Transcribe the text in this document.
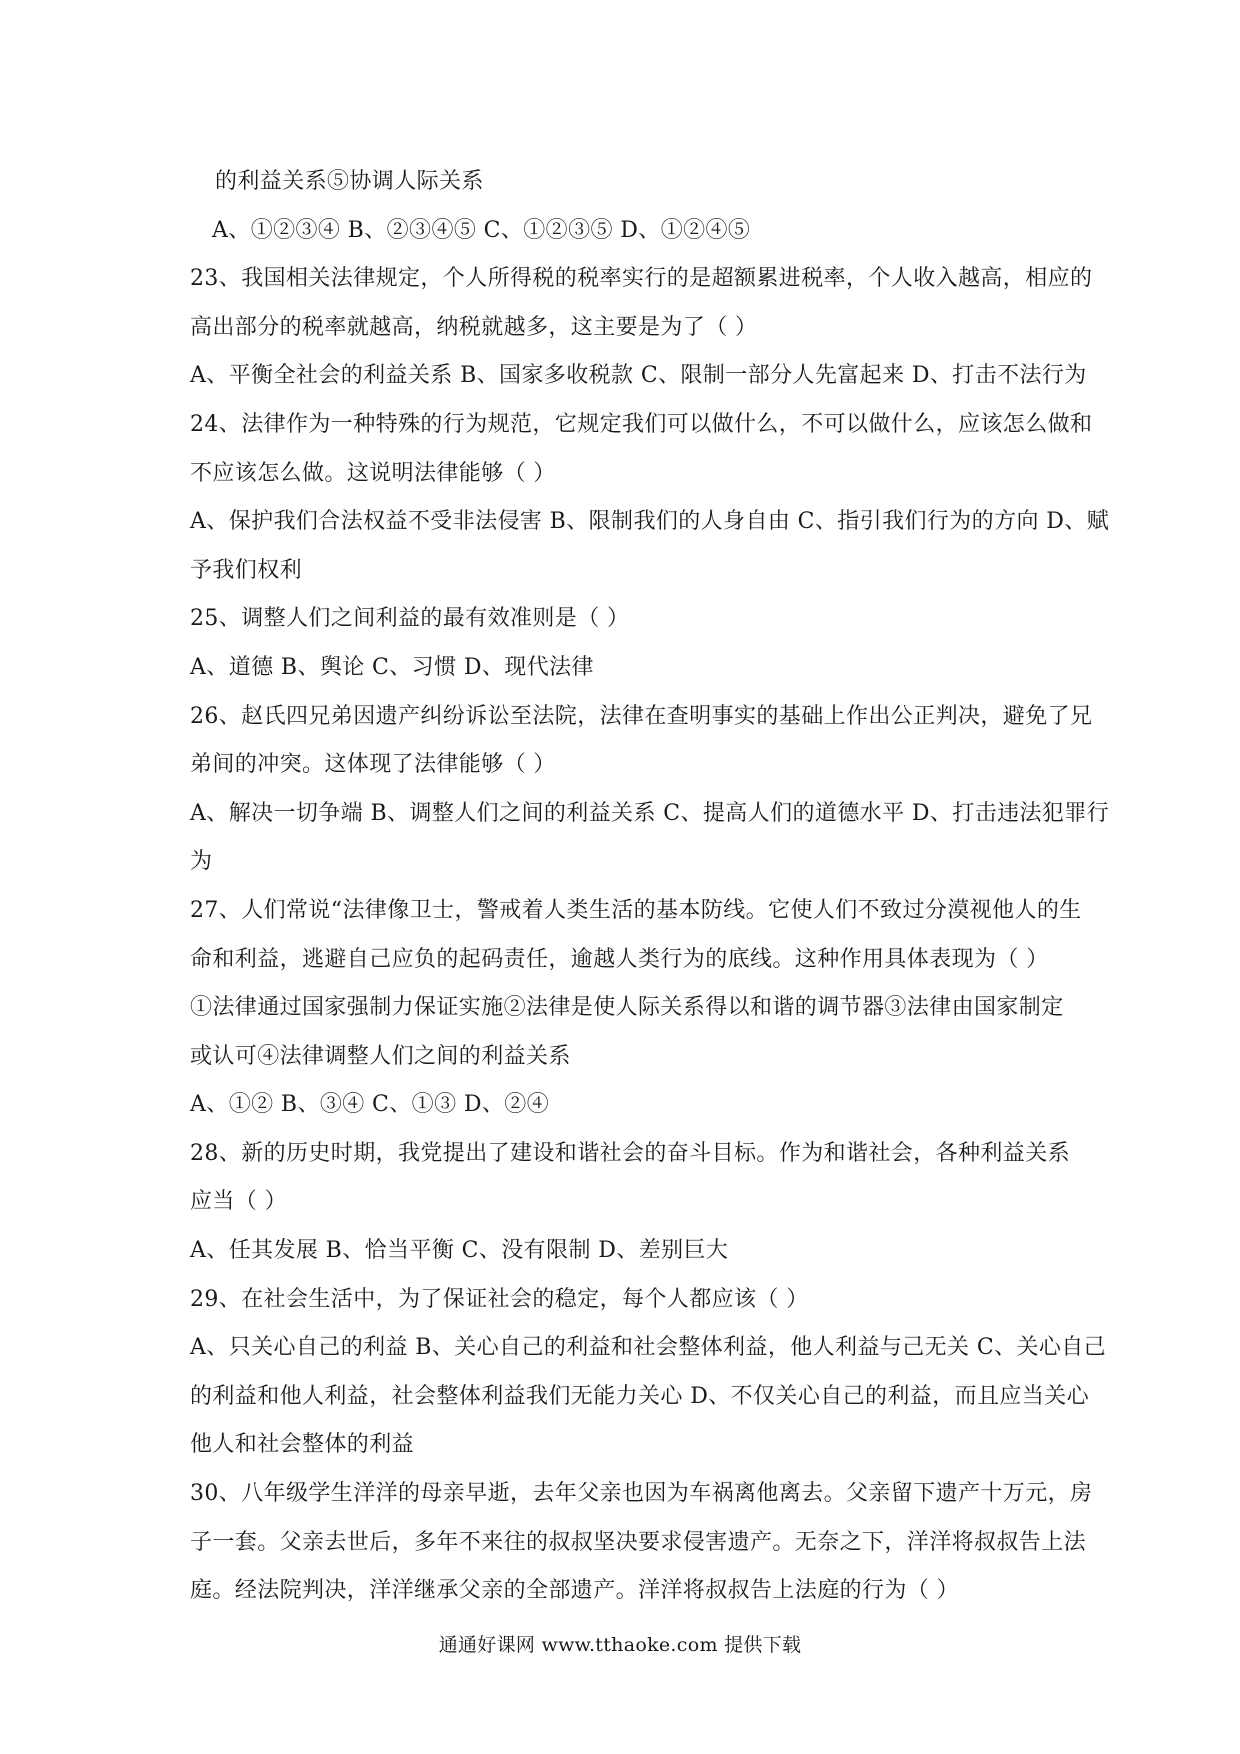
的利益关系⑤协调人际关系
A、①②③④ B、②③④⑤ C、①②③⑤ D、①②④⑤
23、我国相关法律规定，个人所得税的税率实行的是超额累进税率，个人收入越高，相应的
高出部分的税率就越高，纳税就越多，这主要是为了（ ）
A、平衡全社会的利益关系 B、国家多收税款 C、限制一部分人先富起来 D、打击不法行为
24、法律作为一种特殊的行为规范，它规定我们可以做什么，不可以做什么，应该怎么做和
不应该怎么做。这说明法律能够（ ）
A、保护我们合法权益不受非法侵害 B、限制我们的人身自由 C、指引我们行为的方向 D、赋
予我们权利
25、调整人们之间利益的最有效准则是（ ）
A、道德 B、舆论 C、习惯 D、现代法律
26、赵氏四兄弟因遗产纠纷诉讼至法院，法律在查明事实的基础上作出公正判决，避免了兄
弟间的冲突。这体现了法律能够（ ）
A、解决一切争端 B、调整人们之间的利益关系 C、提高人们的道德水平 D、打击违法犯罪行
为
27、人们常说“法律像卫士，警戒着人类生活的基本防线。它使人们不致过分漠视他人的生
命和利益，逃避自己应负的起码责任，逾越人类行为的底线。这种作用具体表现为（ ）
①法律通过国家强制力保证实施②法律是使人际关系得以和谐的调节器③法律由国家制定
或认可④法律调整人们之间的利益关系
A、①② B、③④ C、①③ D、②④
28、新的历史时期，我党提出了建设和谐社会的奋斗目标。作为和谐社会，各种利益关系
应当（ ）
A、任其发展 B、恰当平衡 C、没有限制 D、差别巨大
29、在社会生活中，为了保证社会的稳定，每个人都应该（ ）
A、只关心自己的利益 B、关心自己的利益和社会整体利益，他人利益与己无关 C、关心自己
的利益和他人利益，社会整体利益我们无能力关心 D、不仅关心自己的利益，而且应当关心
他人和社会整体的利益
30、八年级学生洋洋的母亲早逝，去年父亲也因为车祸离他离去。父亲留下遗产十万元，房
子一套。父亲去世后，多年不来往的叔叔坚决要求侵害遗产。无奈之下，洋洋将叔叔告上法
庭。经法院判决，洋洋继承父亲的全部遗产。洋洋将叔叔告上法庭的行为（ ）
通通好课网 www.tthaoke.com 提供下载
